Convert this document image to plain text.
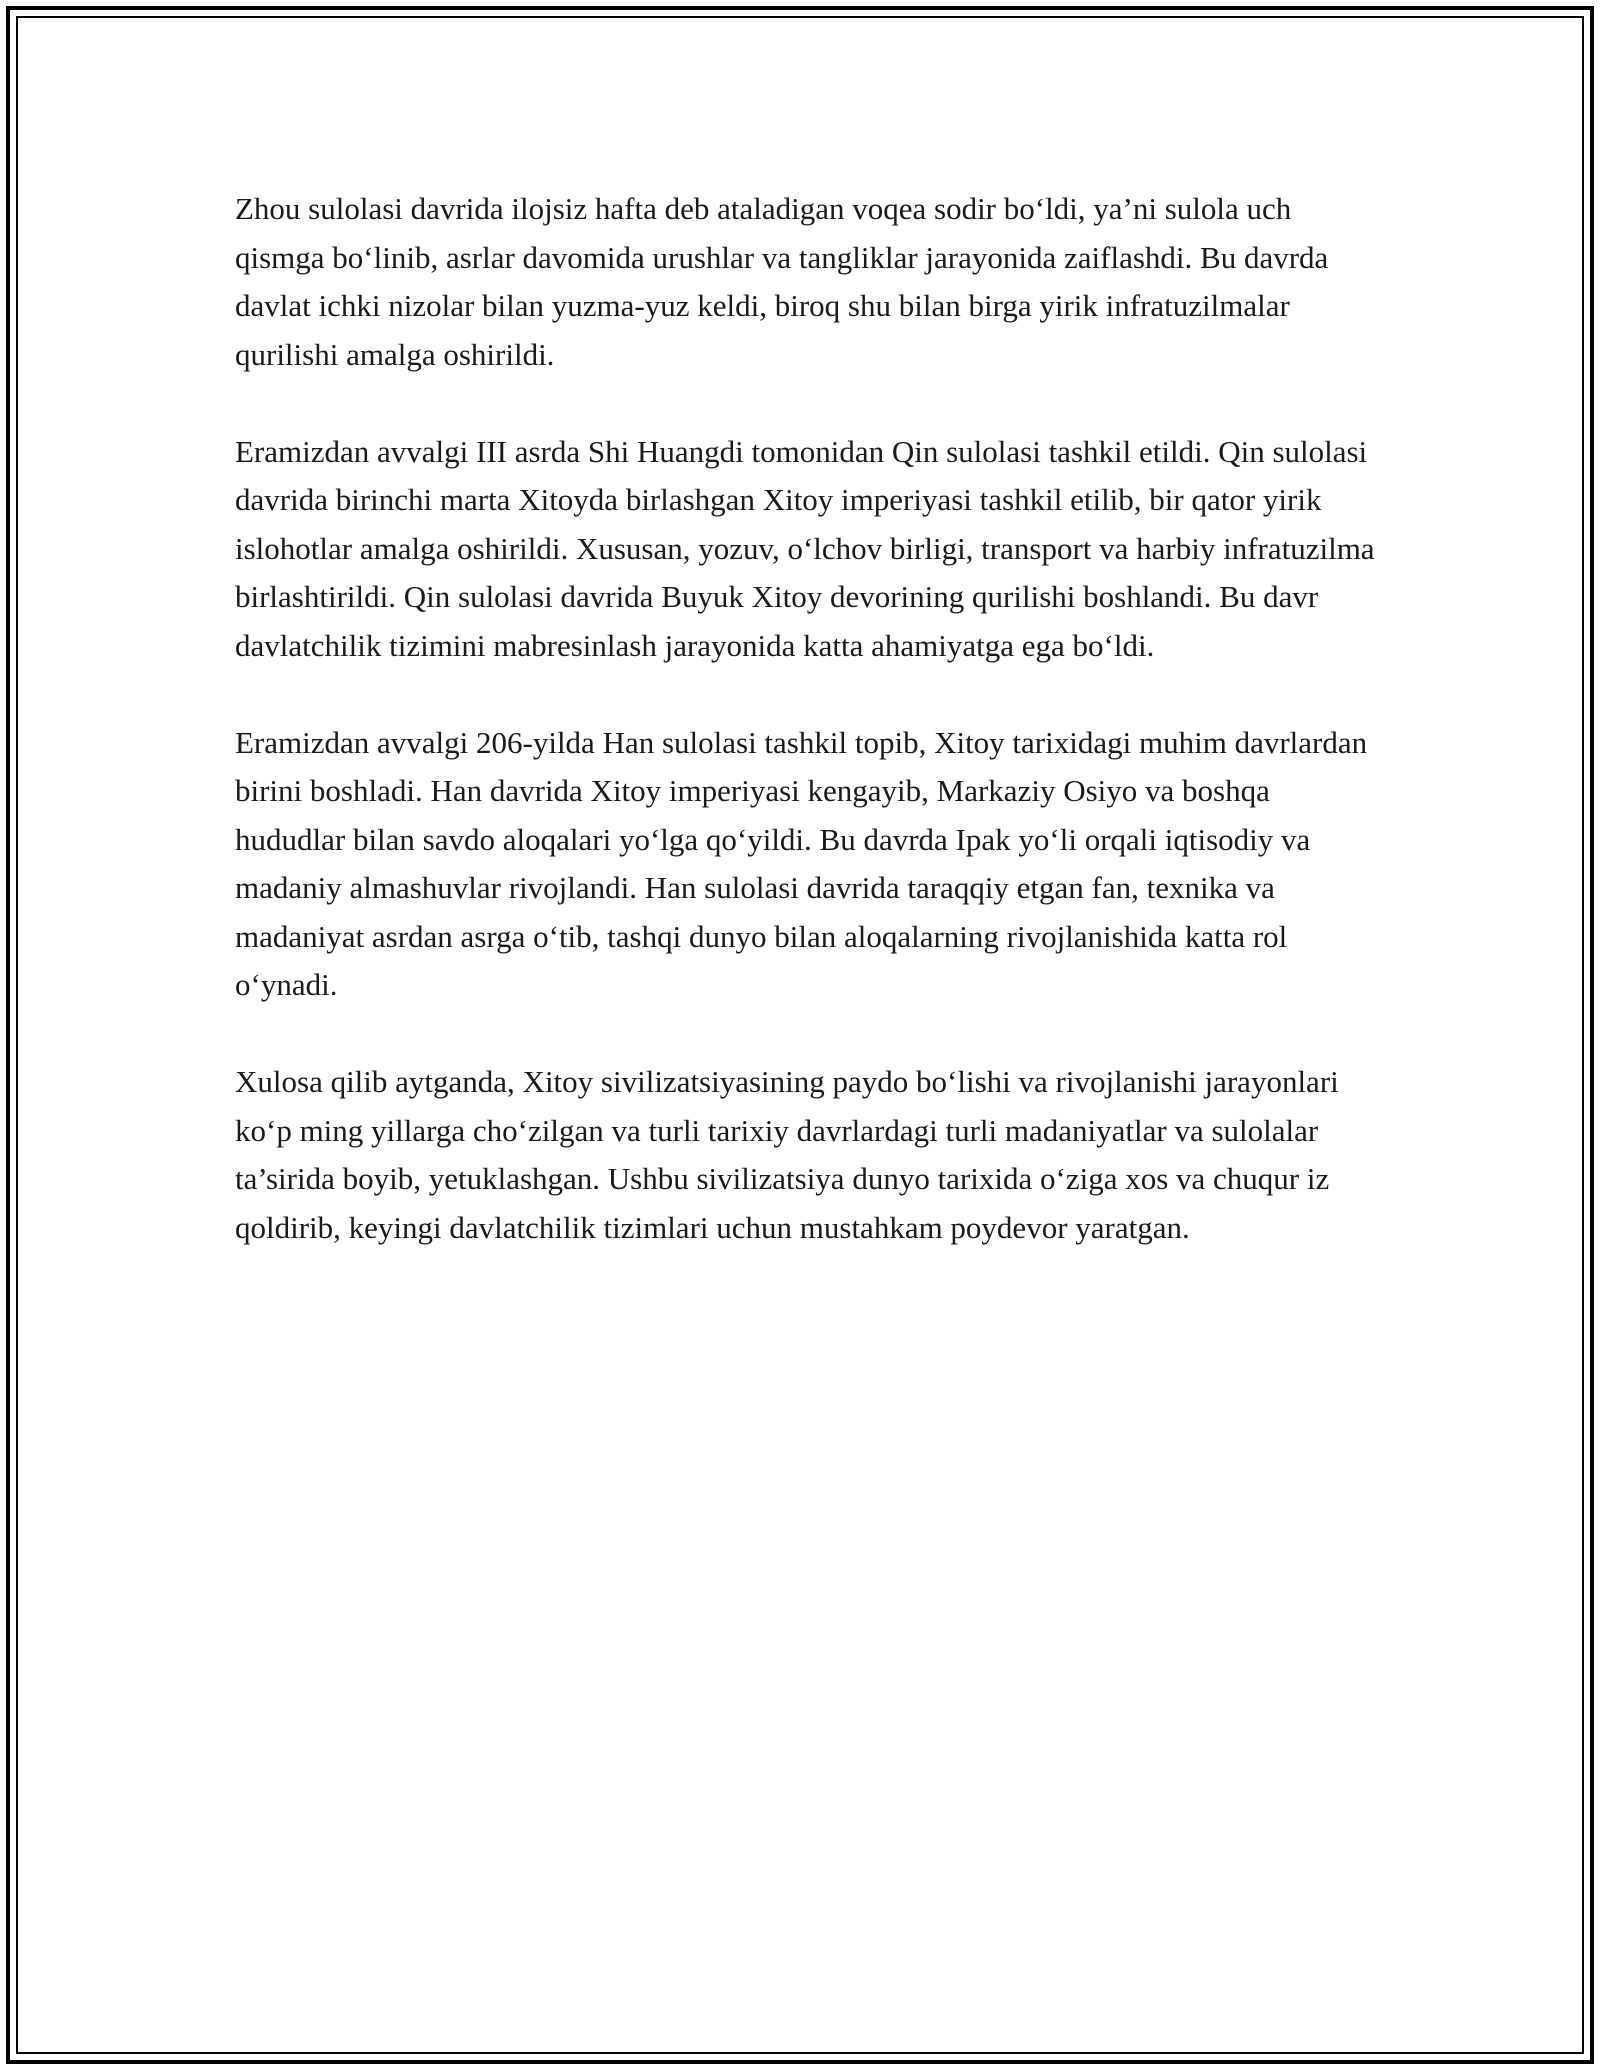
Zhou sulolasi davrida ilojsiz hafta deb ataladigan voqea sodir bo‘ldi, ya’ni sulola uch qismga bo‘linib, asrlar davomida urushlar va tangliklar jarayonida zaiflashdi. Bu davrda davlat ichki nizolar bilan yuzma-yuz keldi, biroq shu bilan birga yirik infratuzilmalar qurilishi amalga oshirildi.

Eramizdan avvalgi III asrda Shi Huangdi tomonidan Qin sulolasi tashkil etildi. Qin sulolasi davrida birinchi marta Xitoyda birlashgan Xitoy imperiyasi tashkil etilib, bir qator yirik islohotlar amalga oshirildi. Xususan, yozuv, o‘lchov birligi, transport va harbiy infratuzilma birlashtirildi. Qin sulolasi davrida Buyuk Xitoy devorining qurilishi boshlandi. Bu davr davlatchilik tizimini mabresinlash jarayonida katta ahamiyatga ega bo‘ldi.

Eramizdan avvalgi 206-yilda Han sulolasi tashkil topib, Xitoy tarixidagi muhim davrlardan birini boshladi. Han davrida Xitoy imperiyasi kengayib, Markaziy Osiyo va boshqa hududlar bilan savdo aloqalari yo‘lga qo‘yildi. Bu davrda Ipak yo‘li orqali iqtisodiy va madaniy almashuvlar rivojlandi. Han sulolasi davrida taraqqiy etgan fan, texnika va madaniyat asrdan asrga o‘tib, tashqi dunyo bilan aloqalarning rivojlanishida katta rol o‘ynadi.

Xulosa qilib aytganda, Xitoy sivilizatsiyasining paydo bo‘lishi va rivojlanishi jarayonlari ko‘p ming yillarga cho‘zilgan va turli tarixiy davrlardagi turli madaniyatlar va sulolalar ta’sirida boyib, yetuklashgan. Ushbu sivilizatsiya dunyo tarixida o‘ziga xos va chuqur iz qoldirib, keyingi davlatchilik tizimlari uchun mustahkam poydevor yaratgan.
